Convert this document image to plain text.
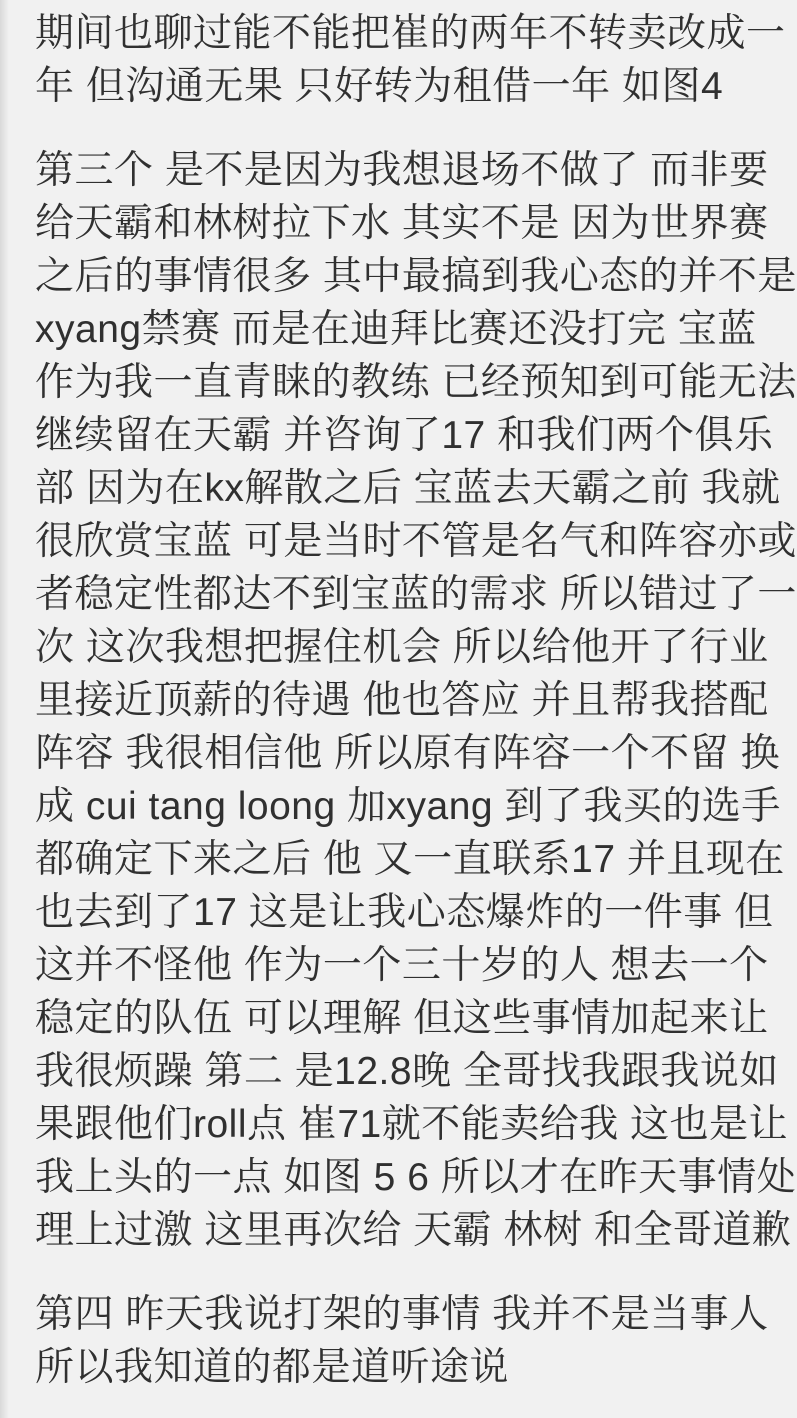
期间也聊过能不能把崔的两年不转卖改成一
年 但沟通无果 只好转为租借一年 如图4
第三个 是不是因为我想退场不做了 而非要
给天霸和林树拉下水 其实不是 因为世界赛
之后的事情很多 其中最搞到我心态的并不是
xyang禁赛 而是在迪拜比赛还没打完 宝蓝
作为我一直青睐的教练 已经预知到可能无法
继续留在天霸 并咨询了17 和我们两个俱乐
部 因为在kx解散之后 宝蓝去天霸之前 我就
很欣赏宝蓝 可是当时不管是名气和阵容亦或
者稳定性都达不到宝蓝的需求 所以错过了一
次 这次我想把握住机会 所以给他开了行业
里接近顶薪的待遇 他也答应 并且帮我搭配
阵容 我很相信他 所以原有阵容一个不留 换
成 cui tang loong 加xyang 到了我买的选手
都确定下来之后 他 又一直联系17 并且现在
也去到了17 这是让我心态爆炸的一件事 但
这并不怪他 作为一个三十岁的人 想去一个
稳定的队伍 可以理解 但这些事情加起来让
我很烦躁 第二 是12.8晚 全哥找我跟我说如
果跟他们roll点 崔71就不能卖给我 这也是让
我上头的一点 如图 5 6 所以才在昨天事情处
理上过激 这里再次给 天霸 林树 和全哥道歉
第四 昨天我说打架的事情 我并不是当事人
所以我知道的都是道听途说
